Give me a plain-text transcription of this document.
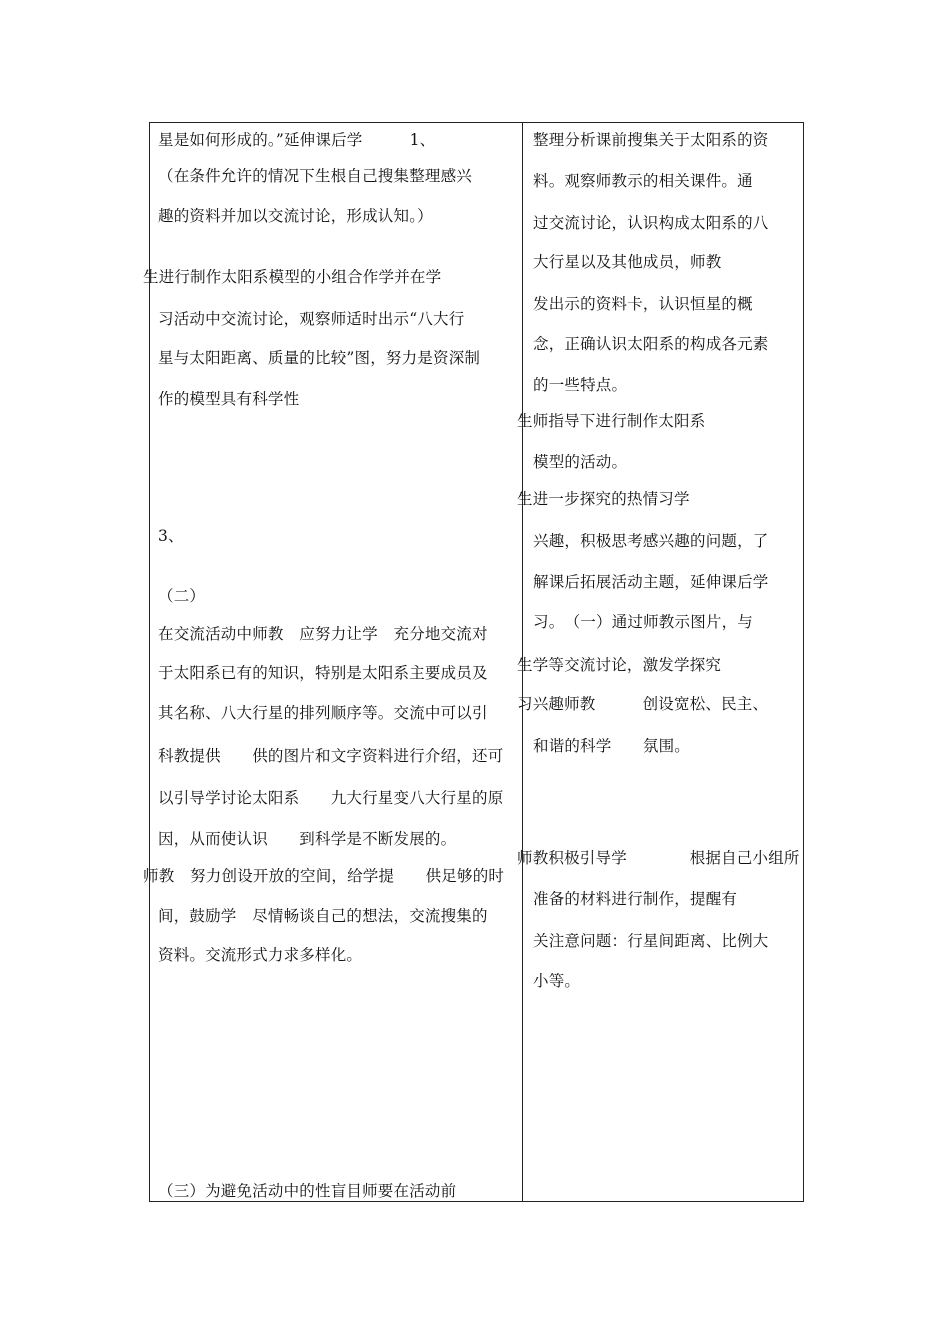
星是如何形成的。”延伸课后学　　　1、
（在条件允许的情况下生根自己搜集整理感兴
趣的资料并加以交流讨论，形成认知。）
生进行制作太阳系模型的小组合作学并在学
习活动中交流讨论，观察师适时出示“八大行
星与太阳距离、质量的比较”图，努力是资深制
作的模型具有科学性
3、
（二）
在交流活动中师教　应努力让学　充分地交流对
于太阳系已有的知识，特别是太阳系主要成员及
其名称、八大行星的排列顺序等。交流中可以引
科教提供　　供的图片和文字资料进行介绍，还可
以引导学讨论太阳系　　九大行星变八大行星的原
因，从而使认识　　到科学是不断发展的。
师教　努力创设开放的空间，给学提　　供足够的时
间，鼓励学　尽情畅谈自己的想法，交流搜集的
资料。交流形式力求多样化。
（三）为避免活动中的性盲目师要在活动前
整理分析课前搜集关于太阳系的资
料。观察师教示的相关课件。通
过交流讨论，认识构成太阳系的八
大行星以及其他成员，师教
发出示的资料卡，认识恒星的概
念，正确认识太阳系的构成各元素
的一些特点。
生师指导下进行制作太阳系
模型的活动。
生进一步探究的热情习学
兴趣，积极思考感兴趣的问题，了
解课后拓展活动主题，延伸课后学
习。　（一）通过师教示图片，与
生学等交流讨论，激发学探究
习兴趣师教　　　创设宽松、民主、
和谐的科学　　氛围。
师教积极引导学　　　　根据自己小组所
准备的材料进行制作，提醒有
关注意问题：行星间距离、比例大
小等。
